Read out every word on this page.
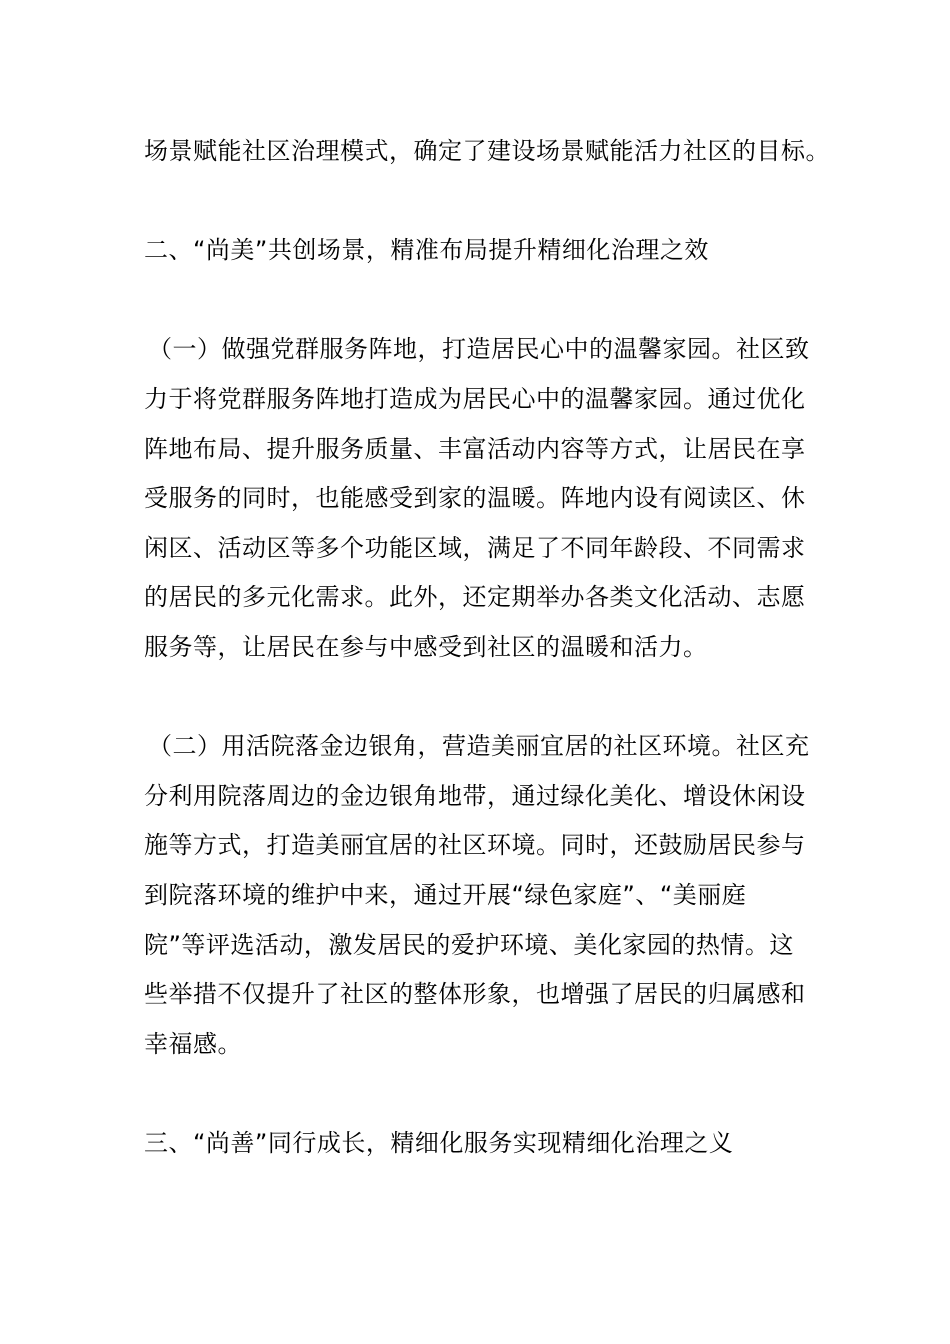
场景赋能社区治理模式，确定了建设场景赋能活力社区的目标。
二、“尚美”共创场景，精准布局提升精细化治理之效
（一）做强党群服务阵地，打造居民心中的温馨家园。社区致
力于将党群服务阵地打造成为居民心中的温馨家园。通过优化
阵地布局、提升服务质量、丰富活动内容等方式，让居民在享
受服务的同时，也能感受到家的温暖。阵地内设有阅读区、休
闲区、活动区等多个功能区域，满足了不同年龄段、不同需求
的居民的多元化需求。此外，还定期举办各类文化活动、志愿
服务等，让居民在参与中感受到社区的温暖和活力。
（二）用活院落金边银角，营造美丽宜居的社区环境。社区充
分利用院落周边的金边银角地带，通过绿化美化、增设休闲设
施等方式，打造美丽宜居的社区环境。同时，还鼓励居民参与
到院落环境的维护中来，通过开展“绿色家庭”、“美丽庭
院”等评选活动，激发居民的爱护环境、美化家园的热情。这
些举措不仅提升了社区的整体形象，也增强了居民的归属感和
幸福感。
三、“尚善”同行成长，精细化服务实现精细化治理之义
